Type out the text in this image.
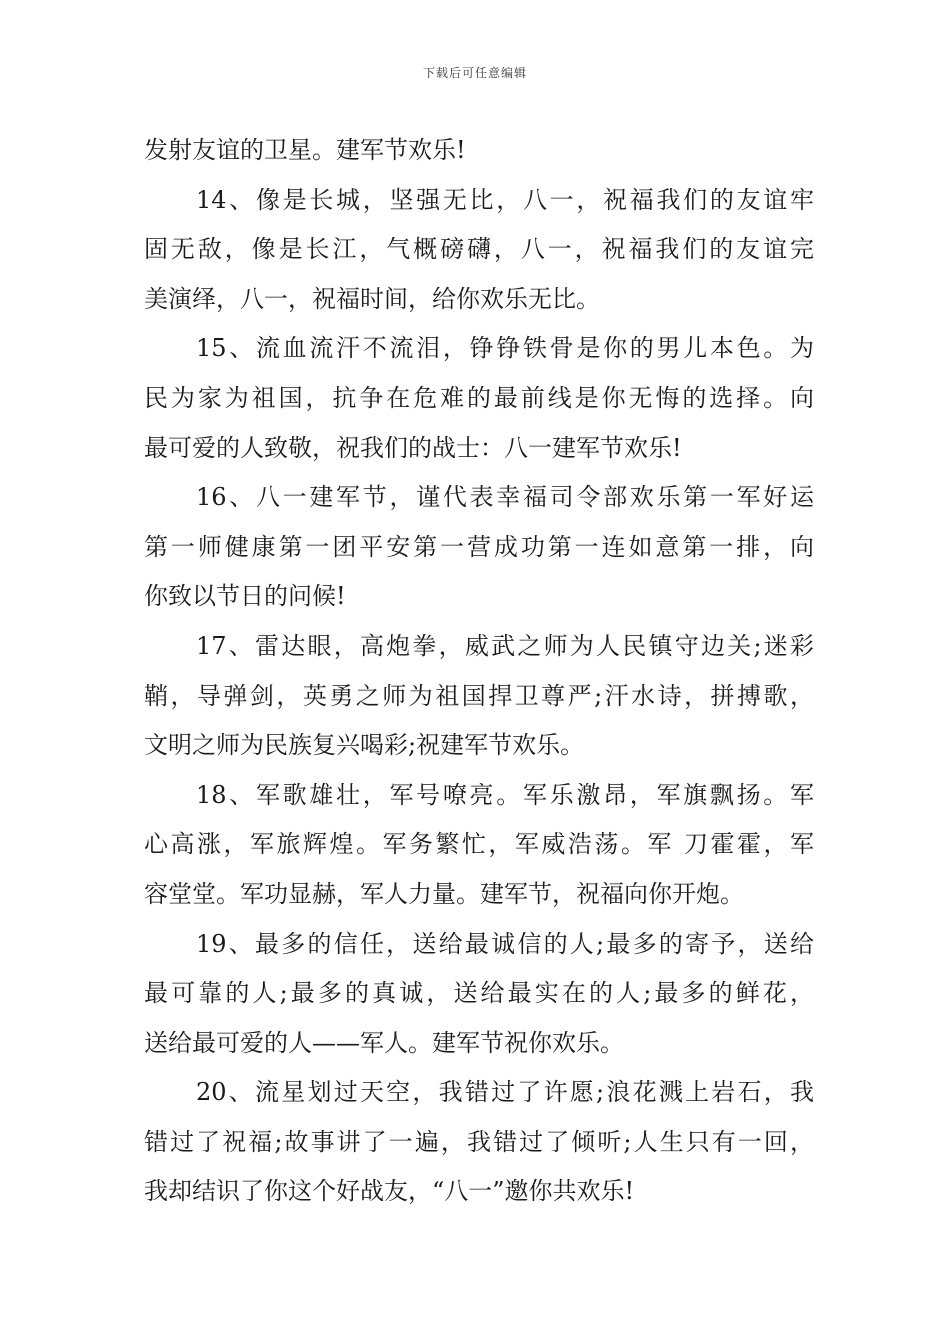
下载后可任意编辑
发射友谊的卫星。建军节欢乐!
14、像是长城，坚强无比，八一，祝福我们的友谊牢
固无敌，像是长江，气概磅礴，八一，祝福我们的友谊完
美演绎，八一，祝福时间，给你欢乐无比。
15、流血流汗不流泪，铮铮铁骨是你的男儿本色。为
民为家为祖国，抗争在危难的最前线是你无悔的选择。向
最可爱的人致敬，祝我们的战士：八一建军节欢乐!
16、八一建军节，谨代表幸福司令部欢乐第一军好运
第一师健康第一团平安第一营成功第一连如意第一排，向
你致以节日的问候!
17、雷达眼，高炮拳，威武之师为人民镇守边关;迷彩
鞘，导弹剑，英勇之师为祖国捍卫尊严;汗水诗，拼搏歌，
文明之师为民族复兴喝彩;祝建军节欢乐。
18、军歌雄壮，军号嘹亮。军乐激昂，军旗飘扬。军
心高涨，军旅辉煌。军务繁忙，军威浩荡。军 刀霍霍，军
容堂堂。军功显赫，军人力量。建军节，祝福向你开炮。
19、最多的信任，送给最诚信的人;最多的寄予，送给
最可靠的人;最多的真诚，送给最实在的人;最多的鲜花，
送给最可爱的人——军人。建军节祝你欢乐。
20、流星划过天空，我错过了许愿;浪花溅上岩石，我
错过了祝福;故事讲了一遍，我错过了倾听;人生只有一回，
我却结识了你这个好战友，“八一”邀你共欢乐!
